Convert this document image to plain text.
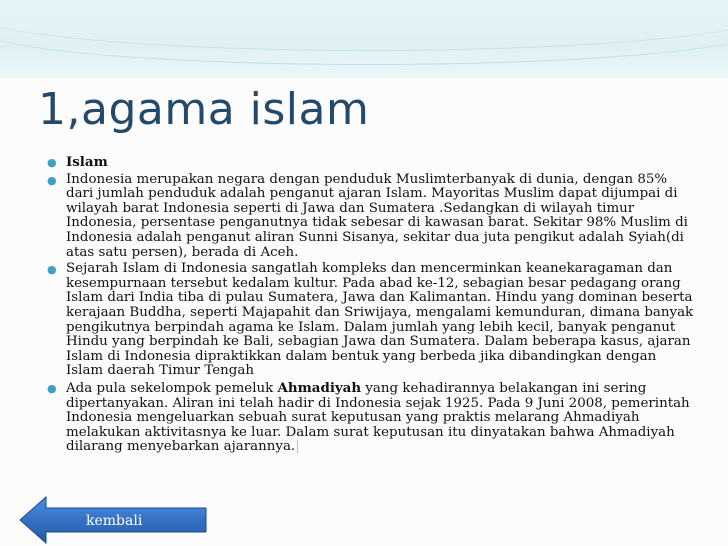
1,agama islam
● Islam
● Indonesia merupakan negara dengan penduduk Muslimterbanyak di dunia, dengan 85% dari jumlah penduduk adalah penganut ajaran Islam. Mayoritas Muslim dapat dijumpai di wilayah barat Indonesia seperti di Jawa dan Sumatera .Sedangkan di wilayah timur Indonesia, persentase penganutnya tidak sebesar di kawasan barat. Sekitar 98% Muslim di Indonesia adalah penganut aliran Sunni Sisanya, sekitar dua juta pengikut adalah Syiah(di atas satu persen), berada di Aceh.
● Sejarah Islam di Indonesia sangatlah kompleks dan mencerminkan keanekaragaman dan kesempurnaan tersebut kedalam kultur. Pada abad ke-12, sebagian besar pedagang orang Islam dari India tiba di pulau Sumatera, Jawa dan Kalimantan. Hindu yang dominan beserta kerajaan Buddha, seperti Majapahit dan Sriwijaya, mengalami kemunduran, dimana banyak pengikutnya berpindah agama ke Islam. Dalam jumlah yang lebih kecil, banyak penganut Hindu yang berpindah ke Bali, sebagian Jawa dan Sumatera. Dalam beberapa kasus, ajaran Islam di Indonesia dipraktikkan dalam bentuk yang berbeda jika dibandingkan dengan Islam daerah Timur Tengah
● Ada pula sekelompok pemeluk Ahmadiyah yang kehadirannya belakangan ini sering dipertanyakan. Aliran ini telah hadir di Indonesia sejak 1925. Pada 9 Juni 2008, pemerintah Indonesia mengeluarkan sebuah surat keputusan yang praktis melarang Ahmadiyah melakukan aktivitasnya ke luar. Dalam surat keputusan itu dinyatakan bahwa Ahmadiyah dilarang menyebarkan ajarannya.|
kembali
